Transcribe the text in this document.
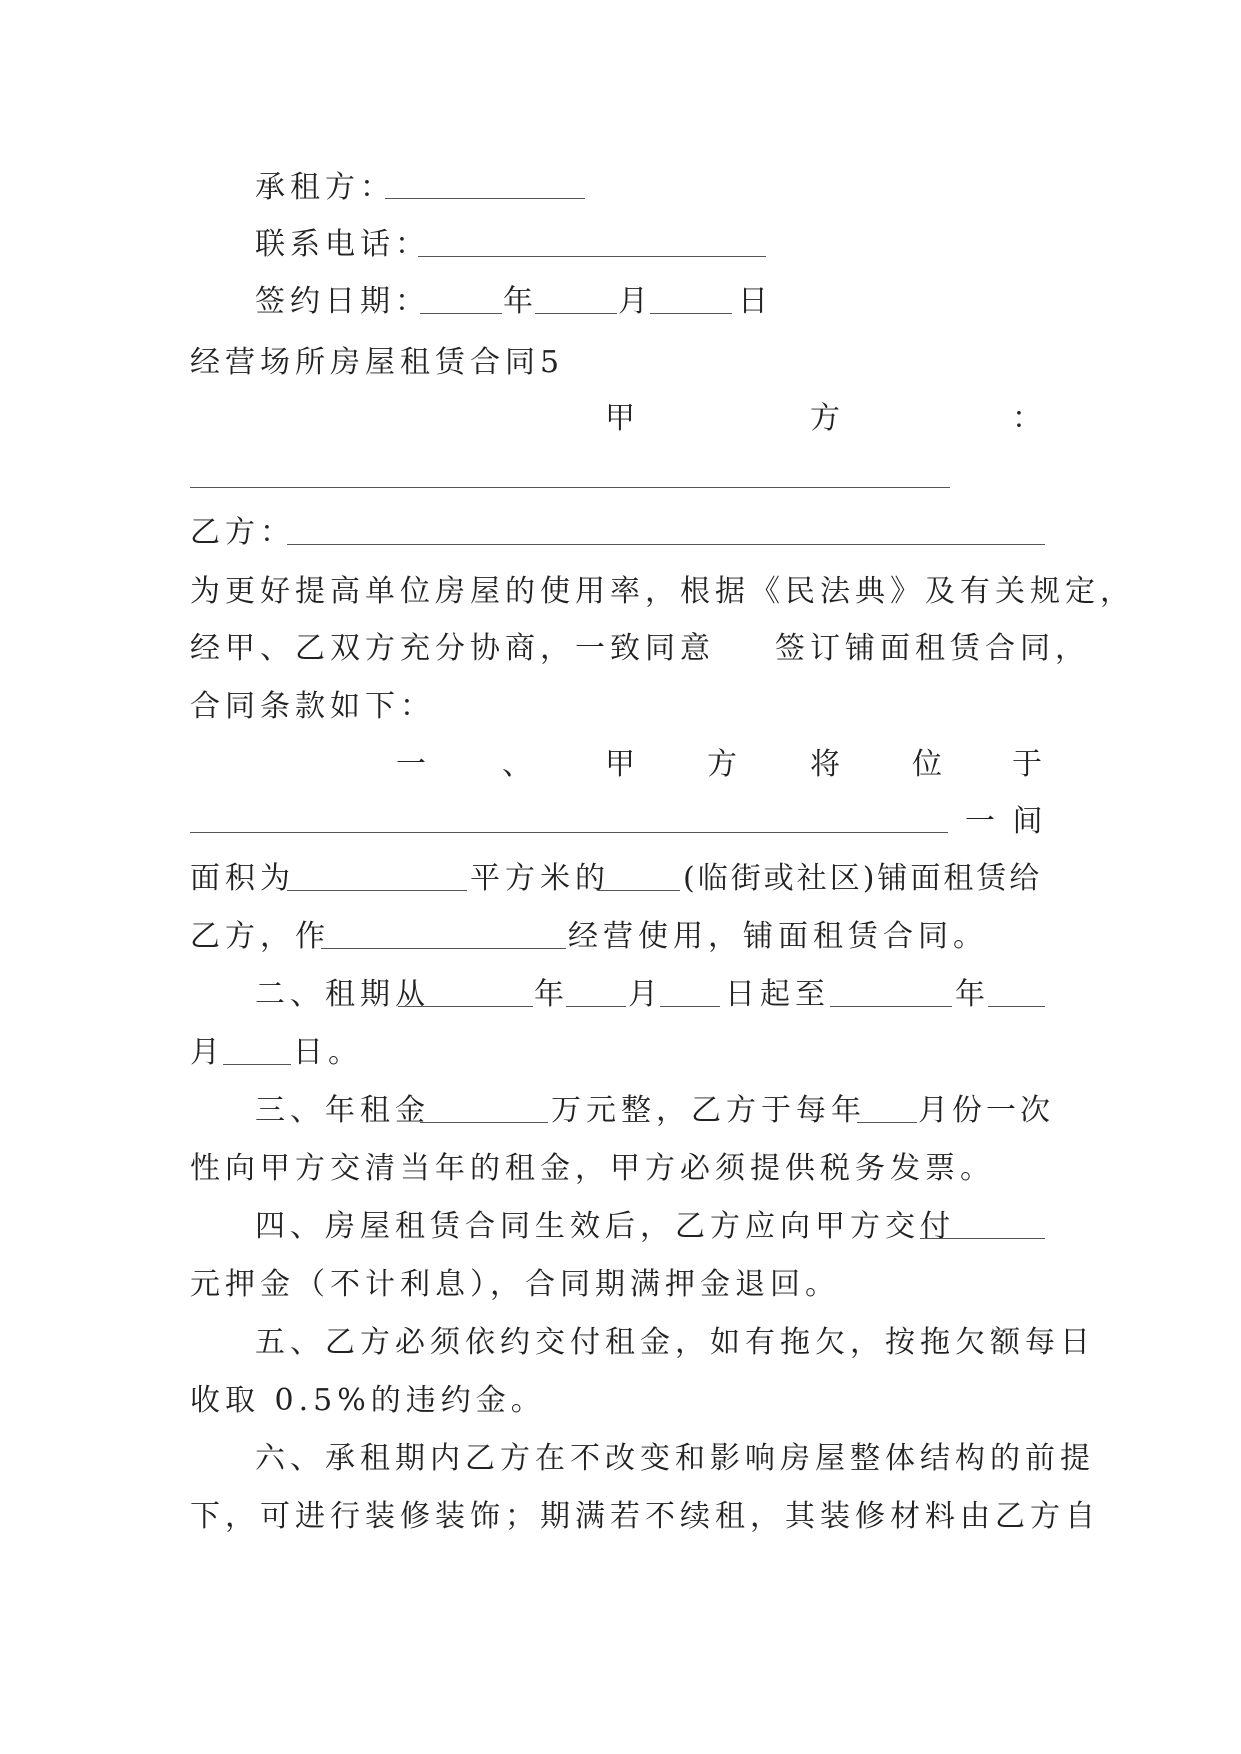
承租方：
联系电话：
签约日期： 年	月	日
经营场所房屋租赁合同5
甲	方	：
乙方：
为更好提高单位房屋的使用率，根据《民法典》及有关规定，
经甲、乙双方充分协商，一致同意 签订铺面租赁合同，
合同条款如下：
一 、 甲 方 将 位 于
一 间
面积为	平方米的 (临街或社区)铺面租赁给
乙方，作	经营使用，铺面租赁合同。
二、租期从	年 月 日起至	年
月 日。
三、年租金	万元整，乙方于每年 月份一次
性向甲方交清当年的租金，甲方必须提供税务发票。
四、房屋租赁合同生效后，乙方应向甲方交付
元押金（不计利息），合同期满押金退回。
五、乙方必须依约交付租金，如有拖欠，按拖欠额每日
收取 0.5%的违约金。
六、承租期内乙方在不改变和影响房屋整体结构的前提
下，可进行装修装饰；期满若不续租，其装修材料由乙方自
